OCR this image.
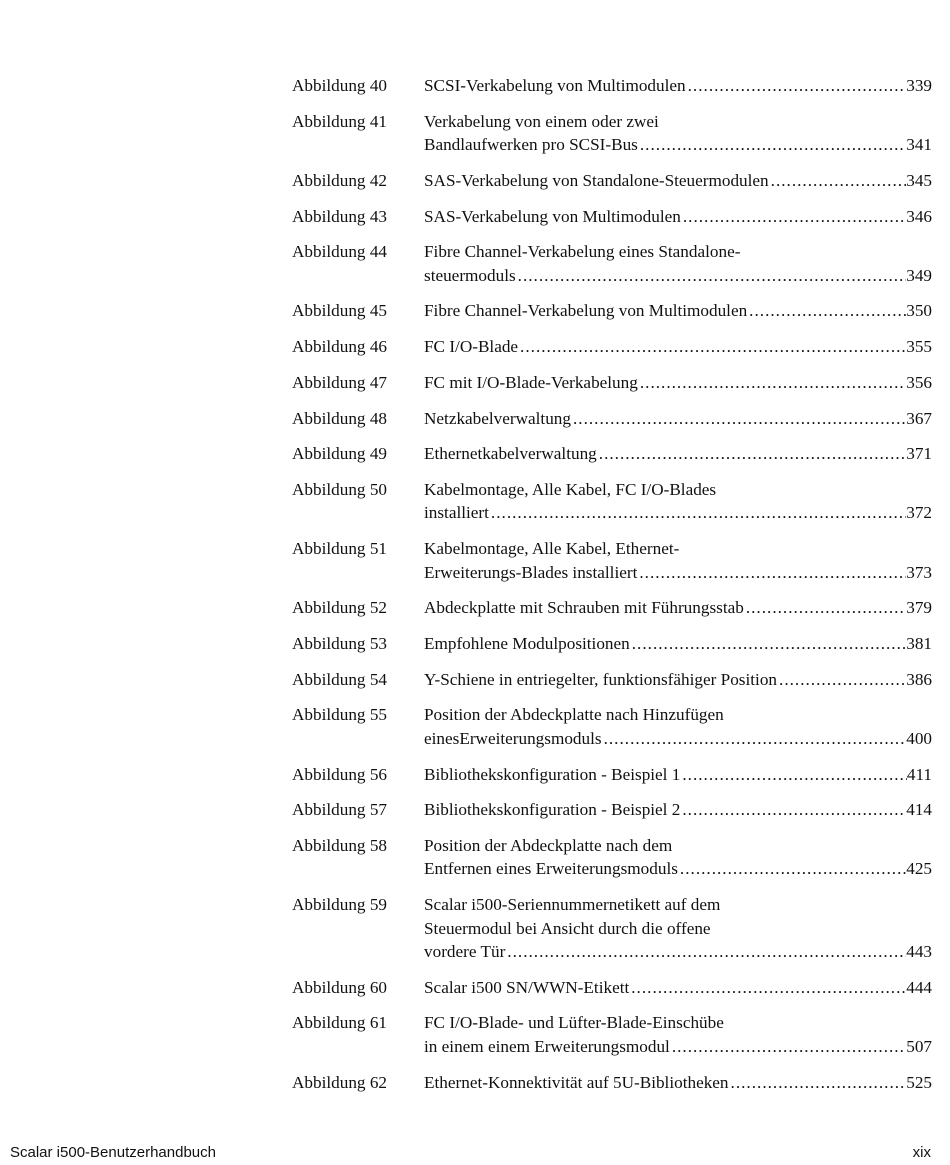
Abbildung 40	SCSI-Verkabelung von Multimodulen .....	339
Abbildung 41	Verkabelung von einem oder zwei
Bandlaufwerken pro SCSI-Bus .....	341
Abbildung 42	SAS-Verkabelung von Standalone-Steuermodulen .....	345
Abbildung 43	SAS-Verkabelung von Multimodulen .....	346
Abbildung 44	Fibre Channel-Verkabelung eines Standalone-
steuermoduls .....	349
Abbildung 45	Fibre Channel-Verkabelung von Multimodulen .....	350
Abbildung 46	FC I/O-Blade .....	355
Abbildung 47	FC mit I/O-Blade-Verkabelung .....	356
Abbildung 48	Netzkabelverwaltung .....	367
Abbildung 49	Ethernetkabelverwaltung .....	371
Abbildung 50	Kabelmontage, Alle Kabel, FC I/O-Blades
installiert .....	372
Abbildung 51	Kabelmontage, Alle Kabel, Ethernet-
Erweiterungs-Blades installiert .....	373
Abbildung 52	Abdeckplatte mit Schrauben mit Führungsstab .....	379
Abbildung 53	Empfohlene Modulpositionen .....	381
Abbildung 54	Y-Schiene in entriegelter, funktionsfähiger Position .....	386
Abbildung 55	Position der Abdeckplatte nach Hinzufügen
einesErweiterungsmoduls .....	400
Abbildung 56	Bibliothekskonfiguration - Beispiel 1 .....	411
Abbildung 57	Bibliothekskonfiguration - Beispiel 2 .....	414
Abbildung 58	Position der Abdeckplatte nach dem
Entfernen eines Erweiterungsmoduls .....	425
Abbildung 59	Scalar i500-Seriennummernetikett auf dem
Steuermodul bei Ansicht durch die offene
vordere Tür .....	443
Abbildung 60	Scalar i500 SN/WWN-Etikett .....	444
Abbildung 61	FC I/O-Blade- und Lüfter-Blade-Einschübe
in einem einem Erweiterungsmodul .....	507
Abbildung 62	Ethernet-Konnektivität auf 5U-Bibliotheken .....	525
Scalar i500-Benutzerhandbuch	xix
